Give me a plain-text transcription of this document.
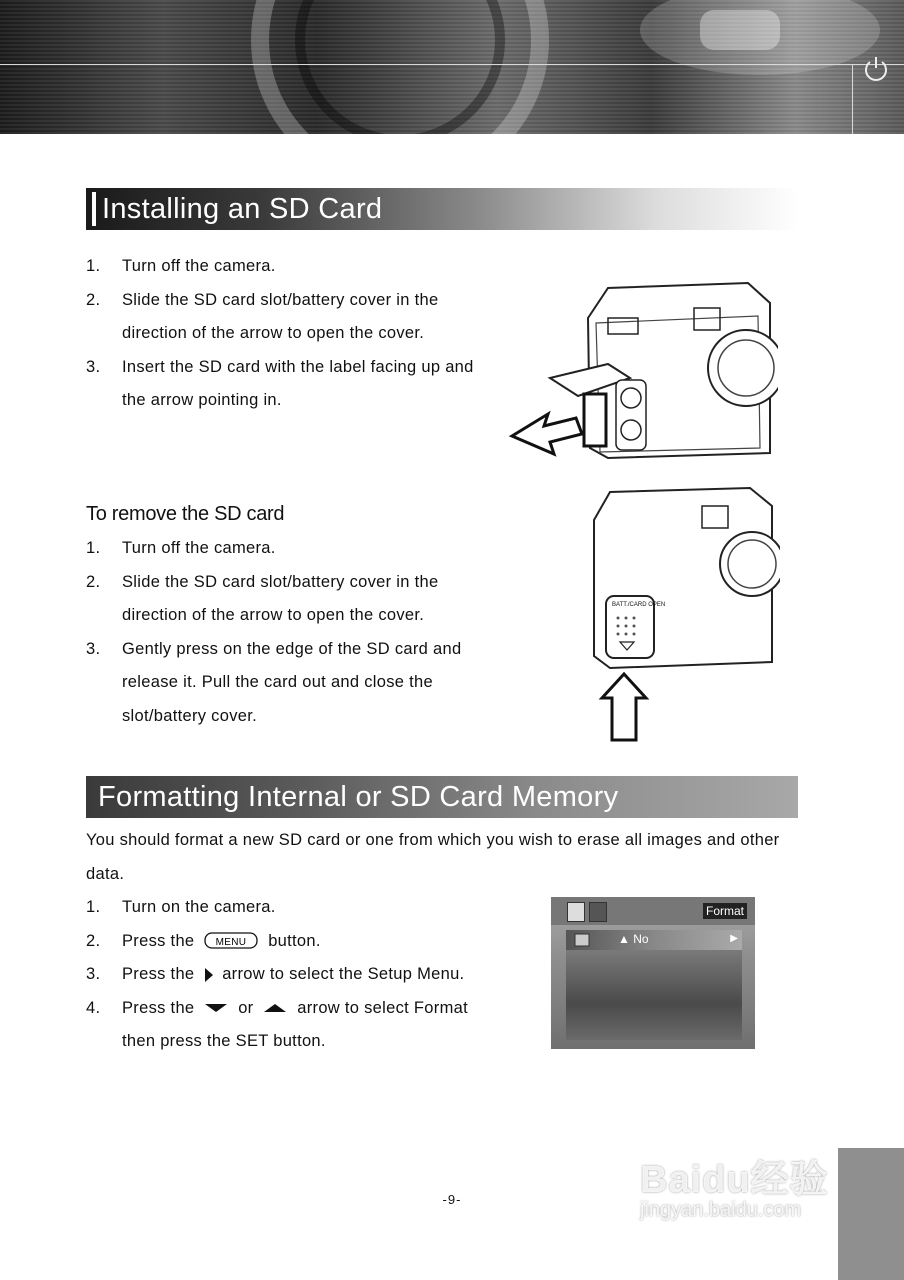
Installing an SD Card
1.	Turn off the camera.
2.	Slide the SD card slot/battery cover in the direction of the arrow to open the cover.
3.	Insert the SD card with the label facing up and the arrow pointing in.
To remove the SD card
1.	Turn off the camera.
2.	Slide the SD card slot/battery cover in the direction of the arrow to open the cover.
3.	Gently press on the edge of the SD card and release it. Pull the card out and close the slot/battery cover.
BATT./CARD OPEN
Formatting Internal or SD Card Memory
You should format a new SD card or one from which you wish to erase all images and other data.
1.	Turn on the camera.
2.	Press the MENU button.
3.	Press the arrow to select the Setup Menu.
4.	Press the	or	arrow to select Format then press the SET button.
Format
▲ No	▶
-9-	Baidu经验
jingyan.baidu.com
